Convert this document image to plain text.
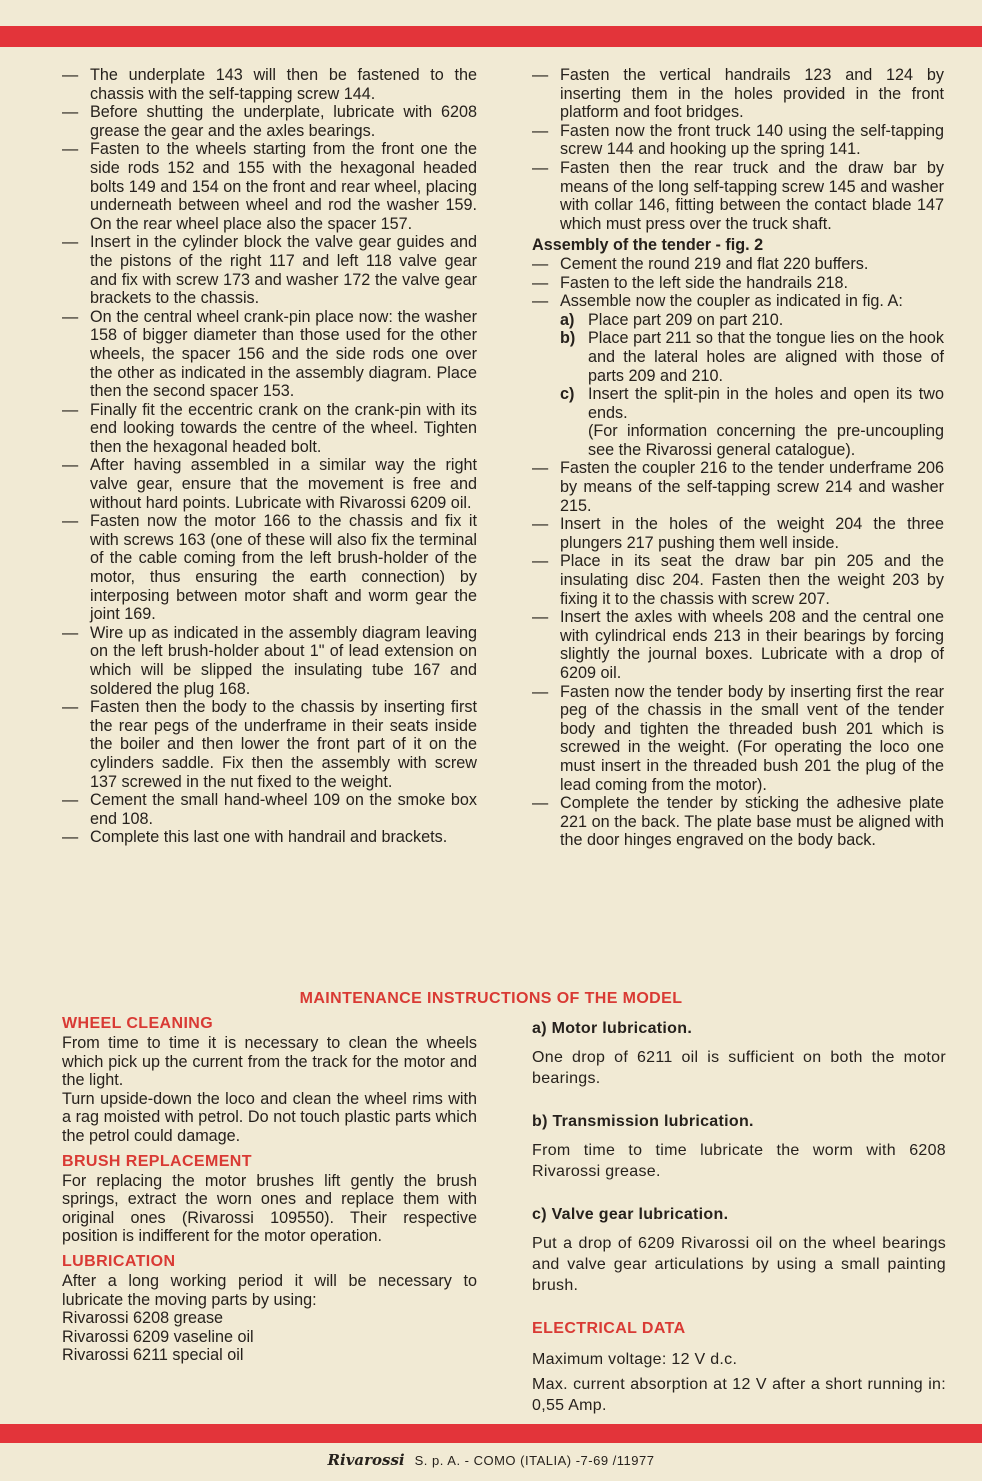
— The underplate 143 will then be fastened to the chassis with the self-tapping screw 144.
— Before shutting the underplate, lubricate with 6208 grease the gear and the axles bearings.
— Fasten to the wheels starting from the front one the side rods 152 and 155 with the hexagonal headed bolts 149 and 154 on the front and rear wheel, placing underneath between wheel and rod the washer 159. On the rear wheel place also the spacer 157.
— Insert in the cylinder block the valve gear guides and the pistons of the right 117 and left 118 valve gear and fix with screw 173 and washer 172 the valve gear brackets to the chassis.
— On the central wheel crank-pin place now: the washer 158 of bigger diameter than those used for the other wheels, the spacer 156 and the side rods one over the other as indicated in the assembly diagram. Place then the second spacer 153.
— Finally fit the eccentric crank on the crank-pin with its end looking towards the centre of the wheel. Tighten then the hexagonal headed bolt.
— After having assembled in a similar way the right valve gear, ensure that the movement is free and without hard points. Lubricate with Rivarossi 6209 oil.
— Fasten now the motor 166 to the chassis and fix it with screws 163 (one of these will also fix the terminal of the cable coming from the left brush-holder of the motor, thus ensuring the earth connection) by interposing between motor shaft and worm gear the joint 169.
— Wire up as indicated in the assembly diagram leaving on the left brush-holder about 1" of lead extension on which will be slipped the insulating tube 167 and soldered the plug 168.
— Fasten then the body to the chassis by inserting first the rear pegs of the underframe in their seats inside the boiler and then lower the front part of it on the cylinders saddle. Fix then the assembly with screw 137 screwed in the nut fixed to the weight.
— Cement the small hand-wheel 109 on the smoke box end 108.
— Complete this last one with handrail and brackets.
— Fasten the vertical handrails 123 and 124 by inserting them in the holes provided in the front platform and foot bridges.
— Fasten now the front truck 140 using the self-tapping screw 144 and hooking up the spring 141.
— Fasten then the rear truck and the draw bar by means of the long self-tapping screw 145 and washer with collar 146, fitting between the contact blade 147 which must press over the truck shaft.
Assembly of the tender - fig. 2
— Cement the round 219 and flat 220 buffers.
— Fasten to the left side the handrails 218.
— Assemble now the coupler as indicated in fig. A:
a) Place part 209 on part 210.
b) Place part 211 so that the tongue lies on the hook and the lateral holes are aligned with those of parts 209 and 210.
c) Insert the split-pin in the holes and open its two ends.
(For information concerning the pre-uncoupling see the Rivarossi general catalogue).
— Fasten the coupler 216 to the tender underframe 206 by means of the self-tapping screw 214 and washer 215.
— Insert in the holes of the weight 204 the three plungers 217 pushing them well inside.
— Place in its seat the draw bar pin 205 and the insulating disc 204. Fasten then the weight 203 by fixing it to the chassis with screw 207.
— Insert the axles with wheels 208 and the central one with cylindrical ends 213 in their bearings by forcing slightly the journal boxes. Lubricate with a drop of 6209 oil.
— Fasten now the tender body by inserting first the rear peg of the chassis in the small vent of the tender body and tighten the threaded bush 201 which is screwed in the weight. (For operating the loco one must insert in the threaded bush 201 the plug of the lead coming from the motor).
— Complete the tender by sticking the adhesive plate 221 on the back. The plate base must be aligned with the door hinges engraved on the body back.
MAINTENANCE INSTRUCTIONS OF THE MODEL
WHEEL CLEANING
From time to time it is necessary to clean the wheels which pick up the current from the track for the motor and the light.
Turn upside-down the loco and clean the wheel rims with a rag moisted with petrol. Do not touch plastic parts which the petrol could damage.
BRUSH REPLACEMENT
For replacing the motor brushes lift gently the brush springs, extract the worn ones and replace them with original ones (Rivarossi 109550). Their respective position is indifferent for the motor operation.
LUBRICATION
After a long working period it will be necessary to lubricate the moving parts by using:
Rivarossi 6208 grease
Rivarossi 6209 vaseline oil
Rivarossi 6211 special oil
a) Motor lubrication.
One drop of 6211 oil is sufficient on both the motor bearings.
b) Transmission lubrication.
From time to time lubricate the worm with 6208 Rivarossi grease.
c) Valve gear lubrication.
Put a drop of 6209 Rivarossi oil on the wheel bearings and valve gear articulations by using a small painting brush.
ELECTRICAL DATA
Maximum voltage: 12 V d.c.
Max. current absorption at 12 V after a short running in: 0,55 Amp.
Rivarossi S. p. A. - COMO (ITALIA) -7-69 /11977
